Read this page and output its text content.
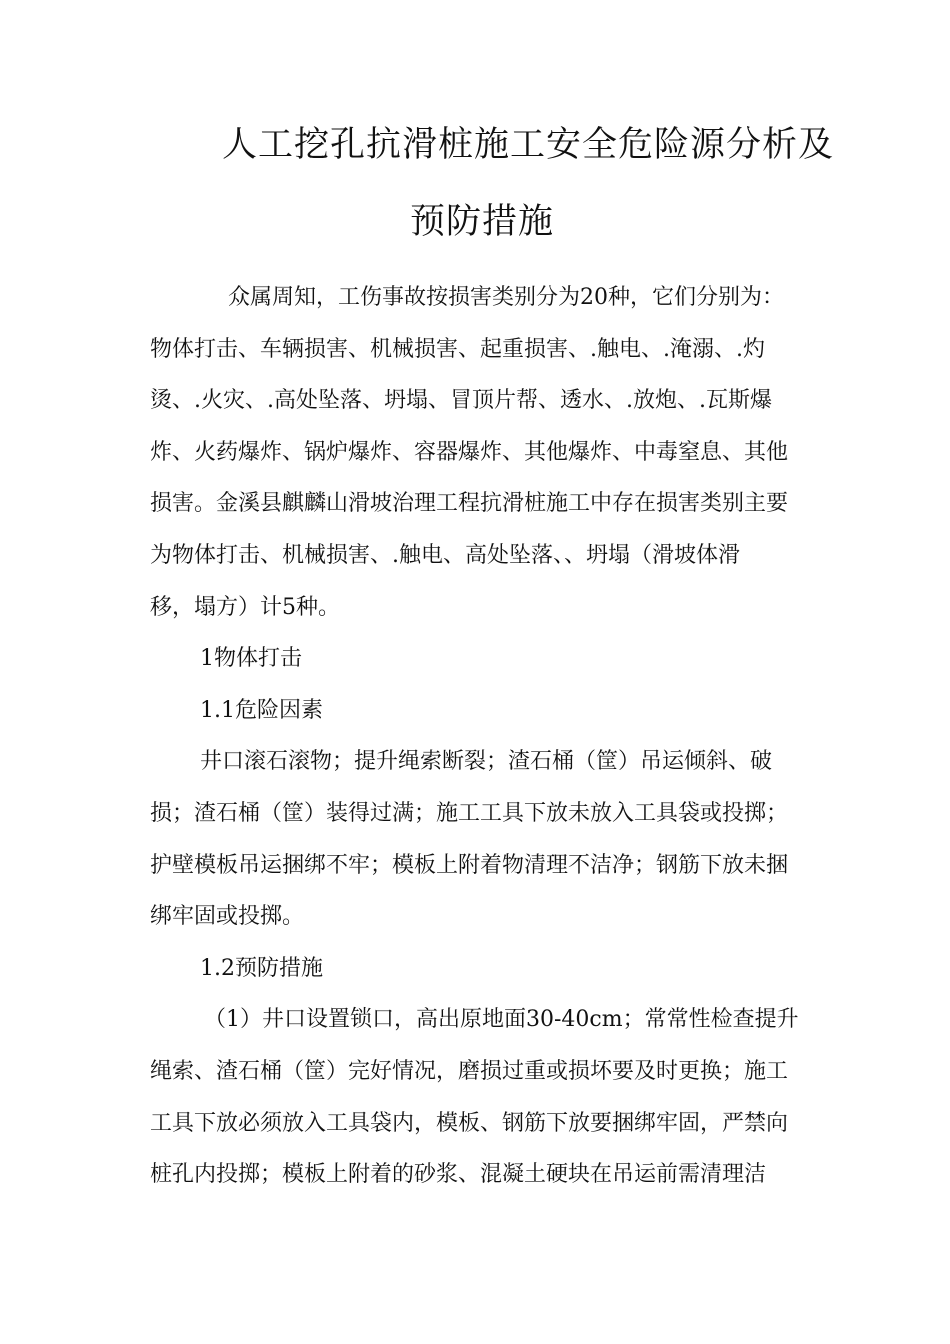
人工挖孔抗滑桩施工安全危险源分析及
预防措施
众属周知，工伤事故按损害类别分为20种，它们分别为：
物体打击、车辆损害、机械损害、起重损害、.触电、.淹溺、.灼
烫、.火灾、.高处坠落、坍塌、冒顶片帮、透水、.放炮、.瓦斯爆
炸、火药爆炸、锅炉爆炸、容器爆炸、其他爆炸、中毒窒息、其他
损害。金溪县麒麟山滑坡治理工程抗滑桩施工中存在损害类别主要
为物体打击、机械损害、.触电、高处坠落、、坍塌（滑坡体滑
移，塌方）计5种。
1物体打击
1.1危险因素
井口滚石滚物；提升绳索断裂；渣石桶（筐）吊运倾斜、破
损；渣石桶（筐）装得过满；施工工具下放未放入工具袋或投掷；
护壁模板吊运捆绑不牢；模板上附着物清理不洁净；钢筋下放未捆
绑牢固或投掷。
1.2预防措施
（1）井口设置锁口，高出原地面30-40cm；常常性检查提升
绳索、渣石桶（筐）完好情况，磨损过重或损坏要及时更换；施工
工具下放必须放入工具袋内，模板、钢筋下放要捆绑牢固，严禁向
桩孔内投掷；模板上附着的砂浆、混凝土硬块在吊运前需清理洁
